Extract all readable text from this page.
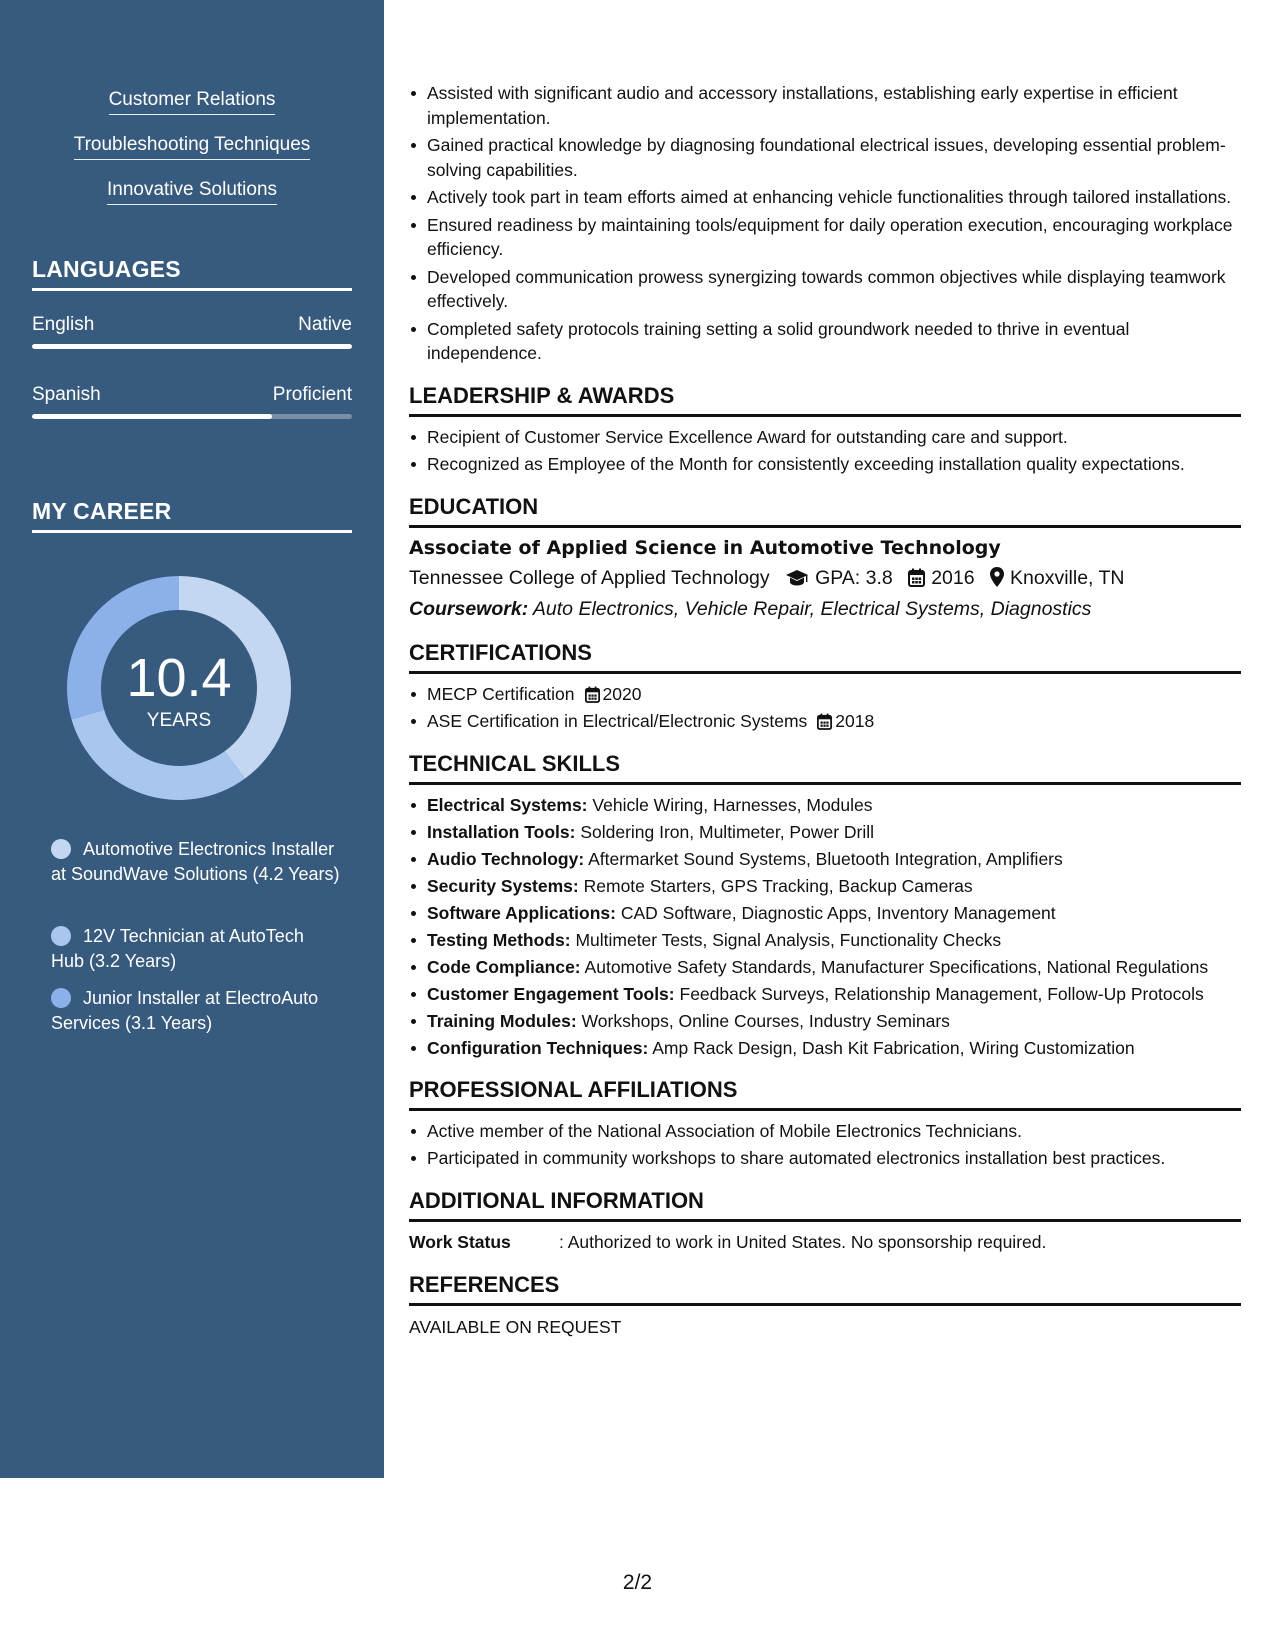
Customer Relations
Troubleshooting Techniques
Innovative Solutions
LANGUAGES
English	Native
Spanish	Proficient
MY CAREER
10.4
YEARS
Automotive Electronics Installer at SoundWave Solutions (4.2 Years)
12V Technician at AutoTech Hub (3.2 Years)
Junior Installer at ElectroAuto Services (3.1 Years)
Assisted with significant audio and accessory installations, establishing early expertise in efficient implementation.
Gained practical knowledge by diagnosing foundational electrical issues, developing essential problem-solving capabilities.
Actively took part in team efforts aimed at enhancing vehicle functionalities through tailored installations.
Ensured readiness by maintaining tools/equipment for daily operation execution, encouraging workplace efficiency.
Developed communication prowess synergizing towards common objectives while displaying teamwork effectively.
Completed safety protocols training setting a solid groundwork needed to thrive in eventual independence.
LEADERSHIP & AWARDS
Recipient of Customer Service Excellence Award for outstanding care and support.
Recognized as Employee of the Month for consistently exceeding installation quality expectations.
EDUCATION
Associate of Applied Science in Automotive Technology
Tennessee College of Applied Technology GPA: 3.8 2016 Knoxville, TN
Coursework: Auto Electronics, Vehicle Repair, Electrical Systems, Diagnostics
CERTIFICATIONS
MECP Certification 2020
ASE Certification in Electrical/Electronic Systems 2018
TECHNICAL SKILLS
Electrical Systems: Vehicle Wiring, Harnesses, Modules
Installation Tools: Soldering Iron, Multimeter, Power Drill
Audio Technology: Aftermarket Sound Systems, Bluetooth Integration, Amplifiers
Security Systems: Remote Starters, GPS Tracking, Backup Cameras
Software Applications: CAD Software, Diagnostic Apps, Inventory Management
Testing Methods: Multimeter Tests, Signal Analysis, Functionality Checks
Code Compliance: Automotive Safety Standards, Manufacturer Specifications, National Regulations
Customer Engagement Tools: Feedback Surveys, Relationship Management, Follow-Up Protocols
Training Modules: Workshops, Online Courses, Industry Seminars
Configuration Techniques: Amp Rack Design, Dash Kit Fabrication, Wiring Customization
PROFESSIONAL AFFILIATIONS
Active member of the National Association of Mobile Electronics Technicians.
Participated in community workshops to share automated electronics installation best practices.
ADDITIONAL INFORMATION
Work Status	: Authorized to work in United States. No sponsorship required.
REFERENCES
AVAILABLE ON REQUEST
2/2
